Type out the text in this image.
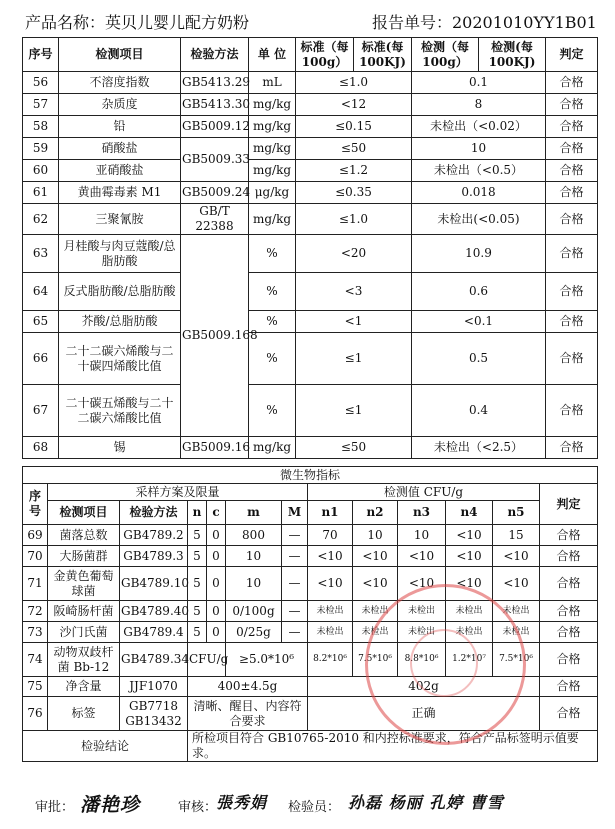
产品名称：英贝儿婴儿配方奶粉	报告单号：20201010YY1B01
序号	检测项目	检验方法	单 位	标准（每100g）	标准(每100KJ)	检测（每100g）	检测(每100KJ)	判定
56	不溶度指数	GB5413.29	mL	≤1.0		0.1		合格
57	杂质度	GB5413.30	mg/kg	<12		8		合格
58	铅	GB5009.12	mg/kg	≤0.15		未检出（<0.02）		合格
59	硝酸盐	GB5009.33	mg/kg	≤50		10		合格
60	亚硝酸盐		mg/kg	≤1.2		未检出（<0.5）		合格
61	黄曲霉毒素 M1	GB5009.24	μg/kg	≤0.35		0.018		合格
62	三聚氰胺	GB/T 22388	mg/kg	≤1.0		未检出(<0.05)		合格
63	月桂酸与肉豆蔻酸/总脂肪酸	GB5009.168	%	<20		10.9		合格
64	反式脂肪酸/总脂肪酸		%	<3		0.6		合格
65	芥酸/总脂肪酸		%	<1		<0.1		合格
66	二十二碳六烯酸与二十碳四烯酸比值		%	≤1		0.5		合格
67	二十碳五烯酸与二十二碳六烯酸比值		%	≤1		0.4		合格
68	锡	GB5009.16	mg/kg	≤50		未检出（<2.5）		合格
微生物指标												
序号	采样方案及限量						检测值 CFU/g					判定
	检测项目	检验方法	n	c	m	M	n1	n2	n3	n4	n5	
69	菌落总数	GB4789.2	5	0	800	—	70	10	10	<10	15	合格
70	大肠菌群	GB4789.3	5	0	10	—	<10	<10	<10	<10	<10	合格
71	金黄色葡萄球菌	GB4789.10	5	0	10	—	<10	<10	<10	<10	<10	合格
72	阪崎肠杆菌	GB4789.40	5	0	0/100g	—	未检出	未检出	未检出	未检出	未检出	合格
73	沙门氏菌	GB4789.4	5	0	0/25g	—	未检出	未检出	未检出	未检出	未检出	合格
74	动物双歧杆菌 Bb-12	GB4789.34	CFU/g		≥5.0*10⁶		8.2*10⁶	7.5*10⁶	8.8*10⁶	1.2*10⁷	7.5*10⁶	合格
75	净含量	JJF1070	400±4.5g				402g					合格
76	标签	GB7718 GB13432	清晰、醒目、内容符合要求				正确					合格
检验结论			所检项目符合 GB10765-2010 和内控标准要求，符合产品标签明示值要求。									
审批： 潘艳珍	审核：
張秀娟 检验员： 孙磊 杨丽 孔婷 曹雪
